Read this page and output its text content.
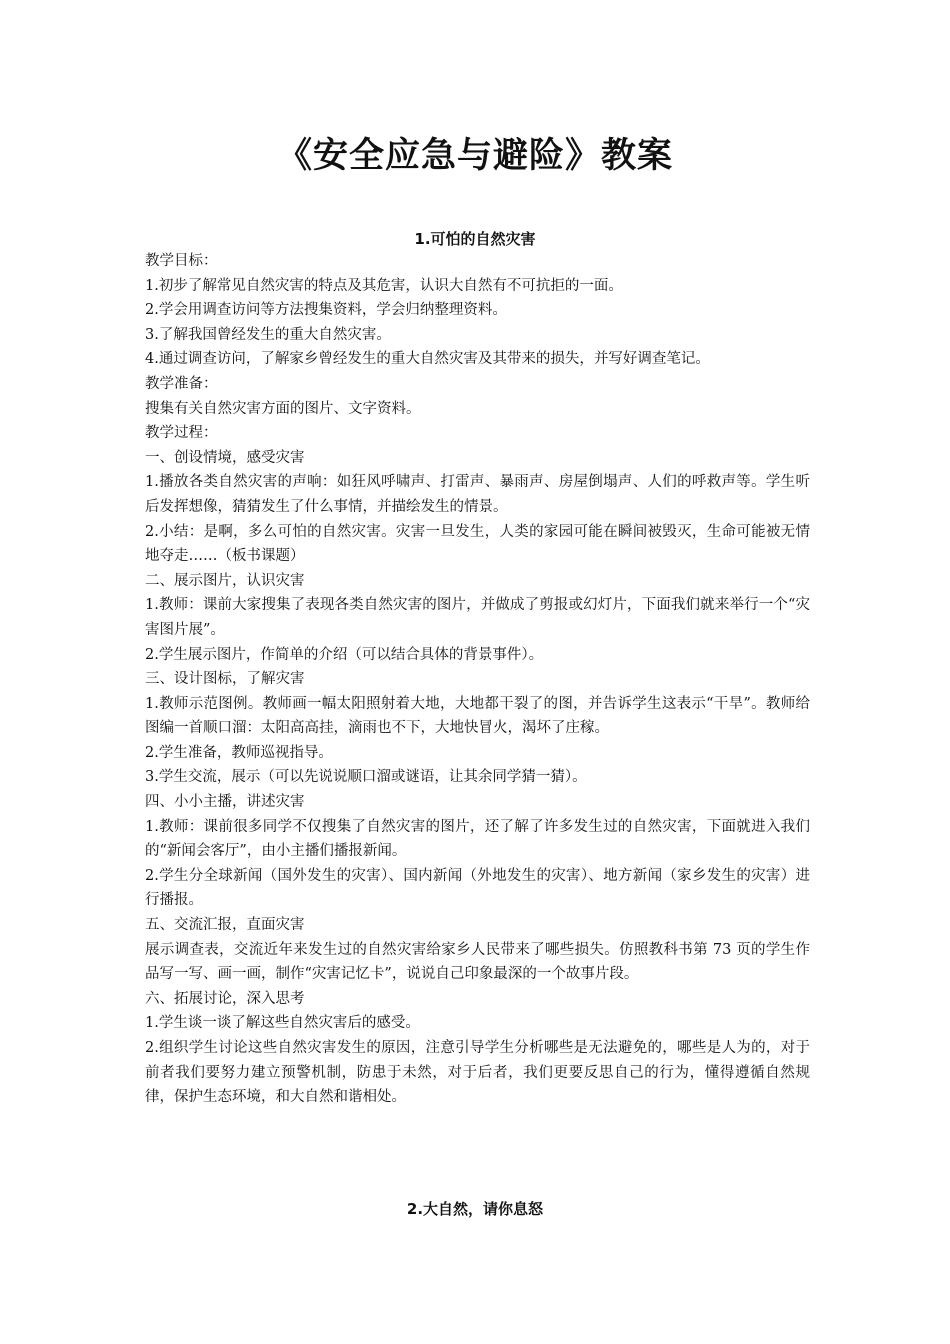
《安全应急与避险》教案
1.可怕的自然灾害

教学目标：

1.初步了解常见自然灾害的特点及其危害，认识大自然有不可抗拒的一面。

2.学会用调查访问等方法搜集资料，学会归纳整理资料。

3.了解我国曾经发生的重大自然灾害。

4.通过调查访问，了解家乡曾经发生的重大自然灾害及其带来的损失，并写好调查笔记。

教学准备：

搜集有关自然灾害方面的图片、文字资料。

教学过程：

一、创设情境，感受灾害

1.播放各类自然灾害的声响：如狂风呼啸声、打雷声、暴雨声、房屋倒塌声、人们的呼救声等。学生听后发挥想像，猜猜发生了什么事情，并描绘发生的情景。

2.小结：是啊，多么可怕的自然灾害。灾害一旦发生，人类的家园可能在瞬间被毁灭，生命可能被无情地夺走……（板书课题）

二、展示图片，认识灾害

1.教师：课前大家搜集了表现各类自然灾害的图片，并做成了剪报或幻灯片，下面我们就来举行一个“灾害图片展”。

2.学生展示图片，作简单的介绍（可以结合具体的背景事件）。

三、设计图标，了解灾害

1.教师示范图例。教师画一幅太阳照射着大地，大地都干裂了的图，并告诉学生这表示“干旱”。教师给图编一首顺口溜：太阳高高挂，滴雨也不下，大地快冒火，渴坏了庄稼。

2.学生准备，教师巡视指导。

3.学生交流，展示（可以先说说顺口溜或谜语，让其余同学猜一猜）。

四、小小主播，讲述灾害

1.教师：课前很多同学不仅搜集了自然灾害的图片，还了解了许多发生过的自然灾害，下面就进入我们的“新闻会客厅”，由小主播们播报新闻。

2.学生分全球新闻（国外发生的灾害）、国内新闻（外地发生的灾害）、地方新闻（家乡发生的灾害）进行播报。

五、交流汇报，直面灾害

展示调查表，交流近年来发生过的自然灾害给家乡人民带来了哪些损失。仿照教科书第 73 页的学生作品写一写、画一画，制作“灾害记忆卡”，说说自己印象最深的一个故事片段。

六、拓展讨论，深入思考

1.学生谈一谈了解这些自然灾害后的感受。

2.组织学生讨论这些自然灾害发生的原因，注意引导学生分析哪些是无法避免的，哪些是人为的，对于前者我们要努力建立预警机制，防患于未然，对于后者，我们更要反思自己的行为，懂得遵循自然规律，保护生态环境，和大自然和谐相处。

2.大自然，请你息怒
